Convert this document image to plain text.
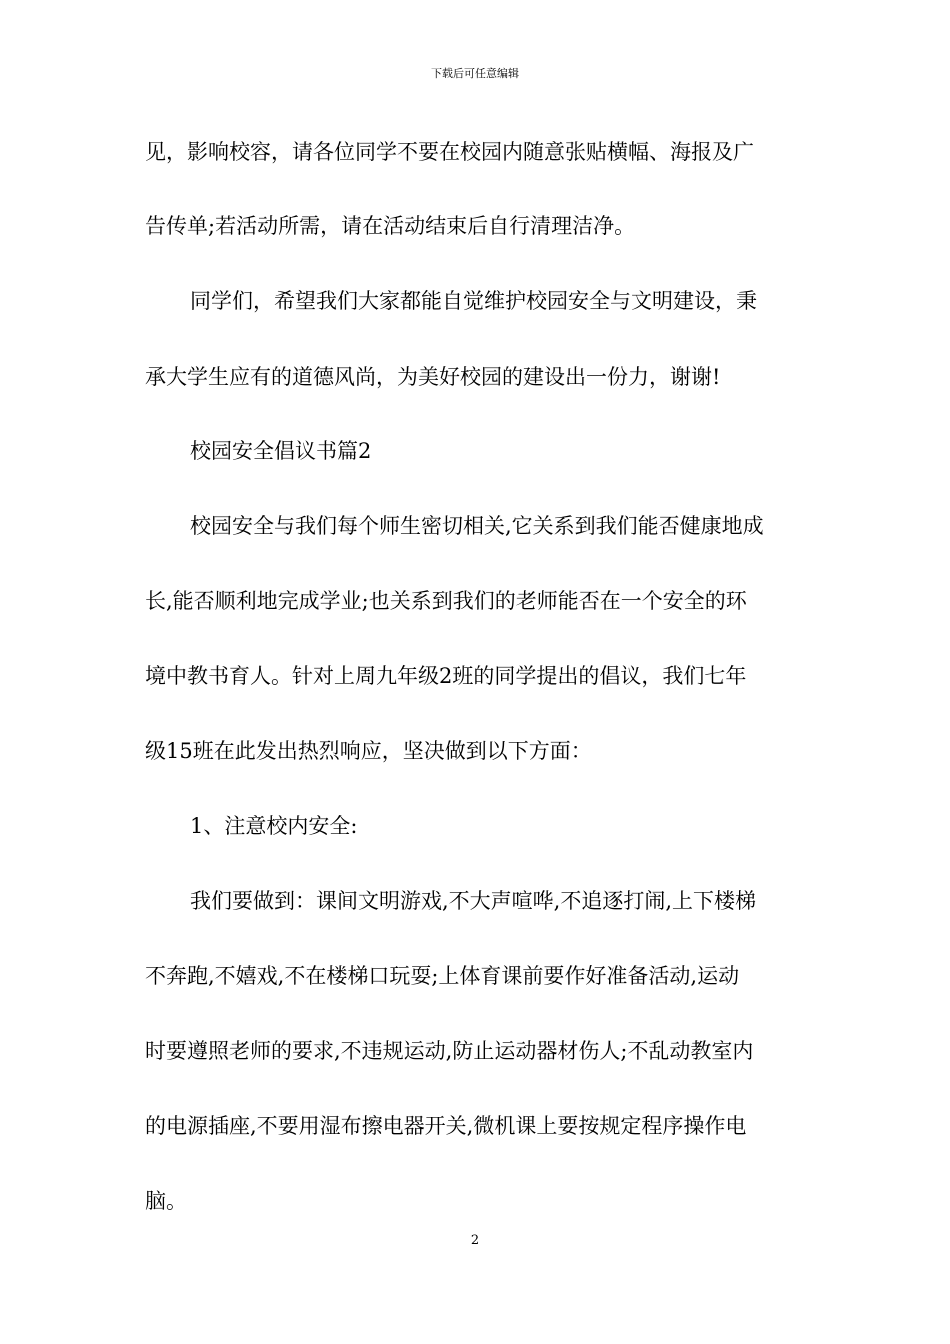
下载后可任意编辑
见，影响校容，请各位同学不要在校园内随意张贴横幅、海报及广
告传单;若活动所需，请在活动结束后自行清理洁净。
同学们，希望我们大家都能自觉维护校园安全与文明建设，秉
承大学生应有的道德风尚，为美好校园的建设出一份力，谢谢!
校园安全倡议书篇2
校园安全与我们每个师生密切相关,它关系到我们能否健康地成
长,能否顺利地完成学业;也关系到我们的老师能否在一个安全的环
境中教书育人。针对上周九年级2班的同学提出的倡议，我们七年
级15班在此发出热烈响应，坚决做到以下方面：
1、注意校内安全:
我们要做到：课间文明游戏,不大声喧哗,不追逐打闹,上下楼梯
不奔跑,不嬉戏,不在楼梯口玩耍;上体育课前要作好准备活动,运动
时要遵照老师的要求,不违规运动,防止运动器材伤人;不乱动教室内
的电源插座,不要用湿布擦电器开关,微机课上要按规定程序操作电
脑。
2
